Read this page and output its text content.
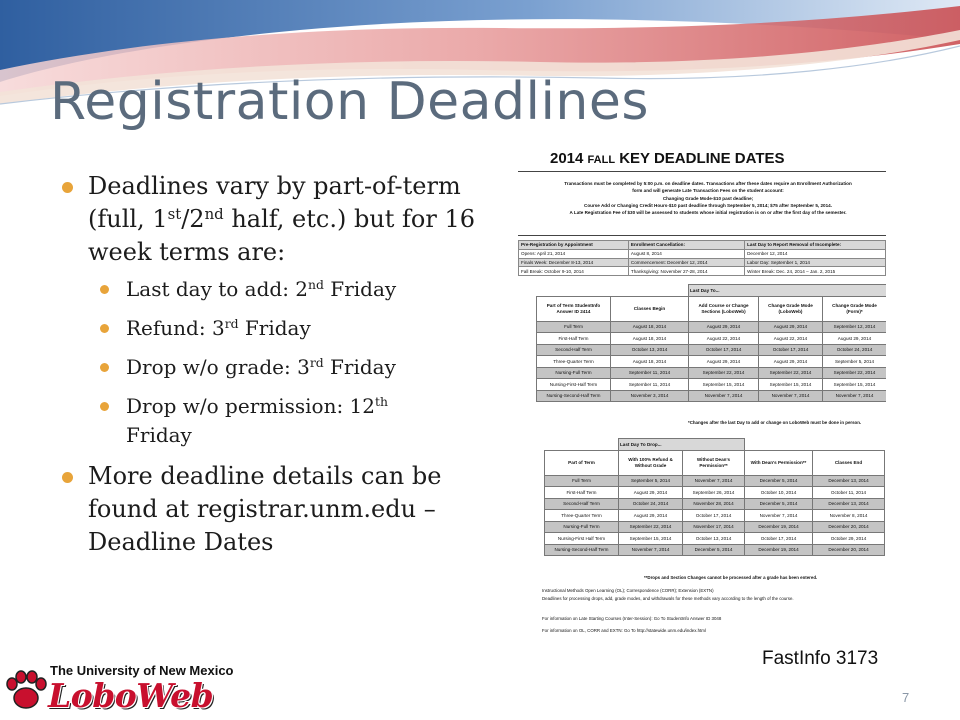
Registration Deadlines
Deadlines vary by part-of-term (full, 1st/2nd half, etc.) but for 16 week terms are:
Last day to add: 2nd Friday
Refund: 3rd Friday
Drop w/o grade: 3rd Friday
Drop w/o permission: 12th Friday
More deadline details can be found at registrar.unm.edu – Deadline Dates
2014 FALL KEY DEADLINE DATES
Transactions must be completed by 5:00 p.m. on deadline dates. Transactions after these dates require an Enrollment Authorization
form and will generate Late Transaction Fees on the student account:
Changing Grade Mode-$10 past deadline;
Course Add or Changing Credit Hours-$10 past deadline through September 5, 2014; $75 after September 5, 2014.
A Late Registration Fee of $30 will be assessed to students whose initial registration is on or after the first day of the semester.
Pre-Registration by Appointment	Enrollment Cancellation:	Last Day to Report Removal of Incomplete:
Opens: April 21, 2014	August 8, 2014	December 12, 2014
Finals Week: December 8-13, 2014	Commencement: December 12, 2014	Labor Day: September 1, 2014
Fall Break: October 9-10, 2014	Thanksgiving: November 27-28, 2014	Winter Break: Dec. 24, 2014 – Jan. 2, 2015
		Last Day To...		
Part of Term StudentInfo Answer ID 2414	Classes Begin	Add Course or Change Sections (LoboWeb)	Change Grade Mode (LoboWeb)	Change Grade Mode (Form)*
Full Term	August 18, 2014	August 29, 2014	August 29, 2014	September 12, 2014
First-Half Term	August 18, 2014	August 22, 2014	August 22, 2014	August 29, 2014
Second-Half Term	October 13, 2014	October 17, 2014	October 17, 2014	October 24, 2014
Three-Quarter Term	August 18, 2014	August 29, 2014	August 29, 2014	September 5, 2014
Nursing-Full Term	September 11, 2014	September 22, 2014	September 22, 2014	September 22, 2014
Nursing-First-Half Term	September 11, 2014	September 15, 2014	September 15, 2014	September 15, 2014
Nursing-Second-Half Term	November 3, 2014	November 7, 2014	November 7, 2014	November 7, 2014
*Changes after the last Day to add or change on LoboWeb must be done in person.
	Last Day To Drop...			
Part of Term	With 100% Refund & Without Grade	Without Dean's Permission**	With Dean's Permission**	Classes End
Full Term	September 5, 2014	November 7, 2014	December 5, 2014	December 13, 2014
First-Half Term	August 29, 2014	September 26, 2014	October 10, 2014	October 11, 2014
Second-Half Term	October 24, 2014	November 28, 2014	December 5, 2014	December 13, 2014
Three-Quarter Term	August 29, 2014	October 17, 2014	November 7, 2014	November 8, 2014
Nursing-Full Term	September 22, 2014	November 17, 2014	December 19, 2014	December 20, 2014
Nursing-First Half Term	September 15, 2014	October 13, 2014	October 17, 2014	October 29, 2014
Nursing-Second-Half Term	November 7, 2014	December 5, 2014	December 19, 2014	December 20, 2014
**Drops and Section Changes cannot be processed after a grade has been entered.
Instructional Methods Open Learning (OL); Correspondence (CORR); Extension (EXTN)
Deadlines for processing drops, add, grade modes, and withdrawals for these methods vary according to the length of the course.
For information on Late Starting Courses (Inter-Session): Go To StudentInfo Answer ID 3048
For information on OL, CORR and EXTN: Go To http://statewide.unm.edu/index.html
FastInfo 3173
7
The University of New Mexico
LoboWeb
